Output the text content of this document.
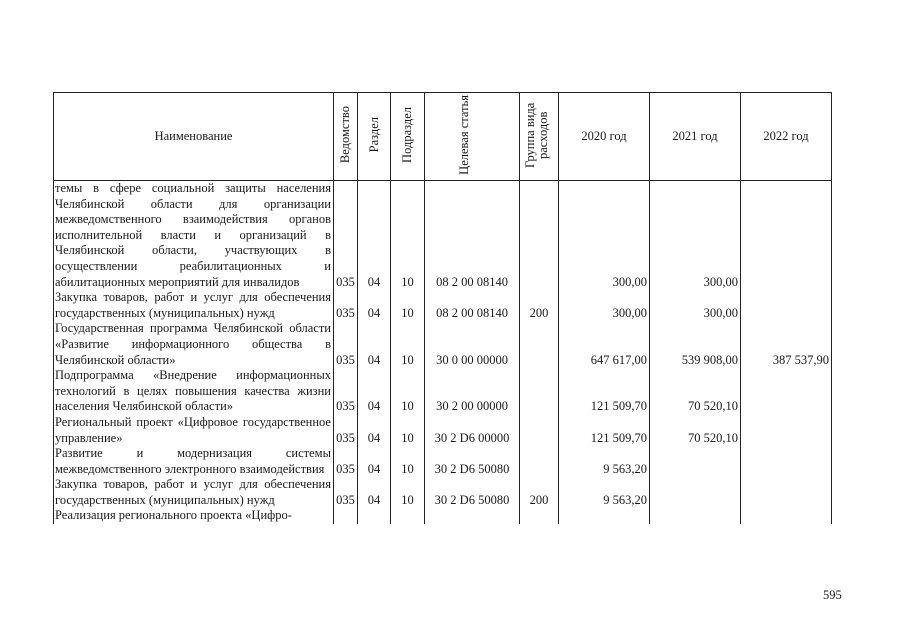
Наименование	Ведомство	Раздел	Подраздел	Целевая статья	Группа вида расходов	2020 год	2021 год	2022 год
темы в сфере социальной защиты населения Челябинской области для организации межведомственного взаимодействия органов исполнительной власти и организаций в Челябинской области, участвующих в осуществлении реабилитационных и абилитационных мероприятий для инвалидов	035	04	10	08 2 00 08140		300,00	300,00	
Закупка товаров, работ и услуг для обеспечения государственных (муниципальных) нужд	035	04	10	08 2 00 08140	200	300,00	300,00	
Государственная программа Челябинской области «Развитие информационного общества в Челябинской области»	035	04	10	30 0 00 00000		647 617,00	539 908,00	387 537,90
Подпрограмма «Внедрение информационных технологий в целях повышения качества жизни населения Челябинской области»	035	04	10	30 2 00 00000		121 509,70	70 520,10	
Региональный проект «Цифровое государственное управление»	035	04	10	30 2 D6 00000		121 509,70	70 520,10	
Развитие и модернизация системы межведомственного электронного взаимодействия	035	04	10	30 2 D6 50080		9 563,20		
Закупка товаров, работ и услуг для обеспечения государственных (муниципальных) нужд	035	04	10	30 2 D6 50080	200	9 563,20		
Реализация регионального проекта «Цифро-								
595
